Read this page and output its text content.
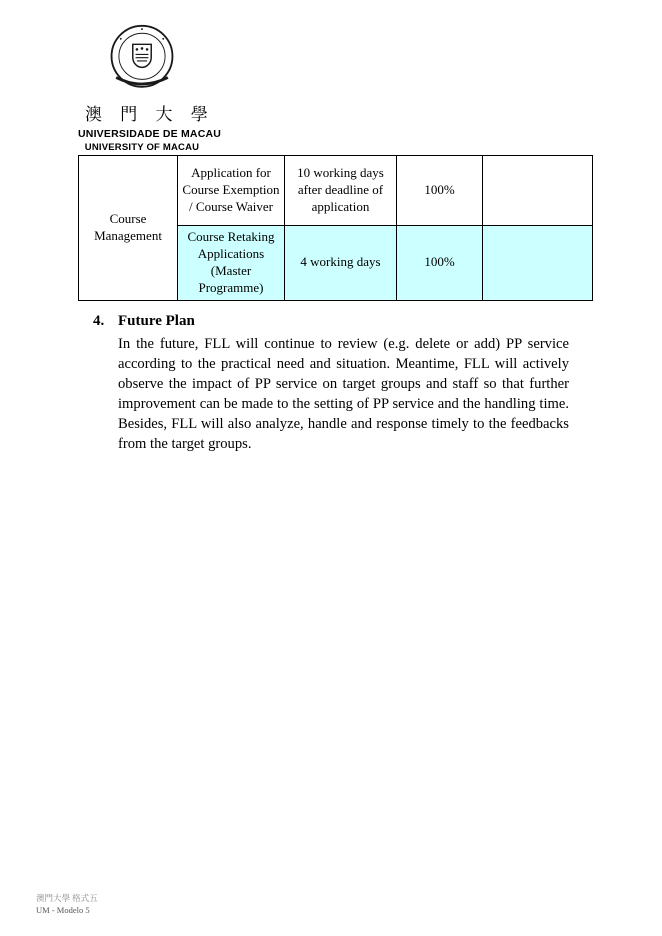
澳 門 大 學
UNIVERSIDADE DE MACAU
UNIVERSITY OF MACAU
Course Management	Application for Course Exemption / Course Waiver	10 working days after deadline of application	100%	
	Course Retaking Applications (Master Programme)	4 working days	100%	
4. Future Plan

In the future, FLL will continue to review (e.g. delete or add) PP service according to the practical need and situation. Meantime, FLL will actively observe the impact of PP service on target groups and staff so that further improvement can be made to the setting of PP service and the handling time. Besides, FLL will also analyze, handle and response timely to the feedbacks from the target groups.

澳門大學 格式五
UM - Modelo 5
